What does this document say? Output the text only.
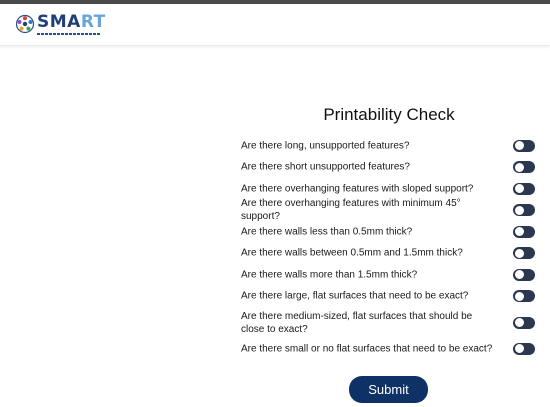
SMART
Printability Check
Are there long, unsupported features?
Are there short unsupported features?
Are there overhanging features with sloped support?
Are there overhanging features with minimum 45° support?
Are there walls less than 0.5mm thick?
Are there walls between 0.5mm and 1.5mm thick?
Are there walls more than 1.5mm thick?
Are there large, flat surfaces that need to be exact?
Are there medium-sized, flat surfaces that should be close to exact?
Are there small or no flat surfaces that need to be exact?
Submit
